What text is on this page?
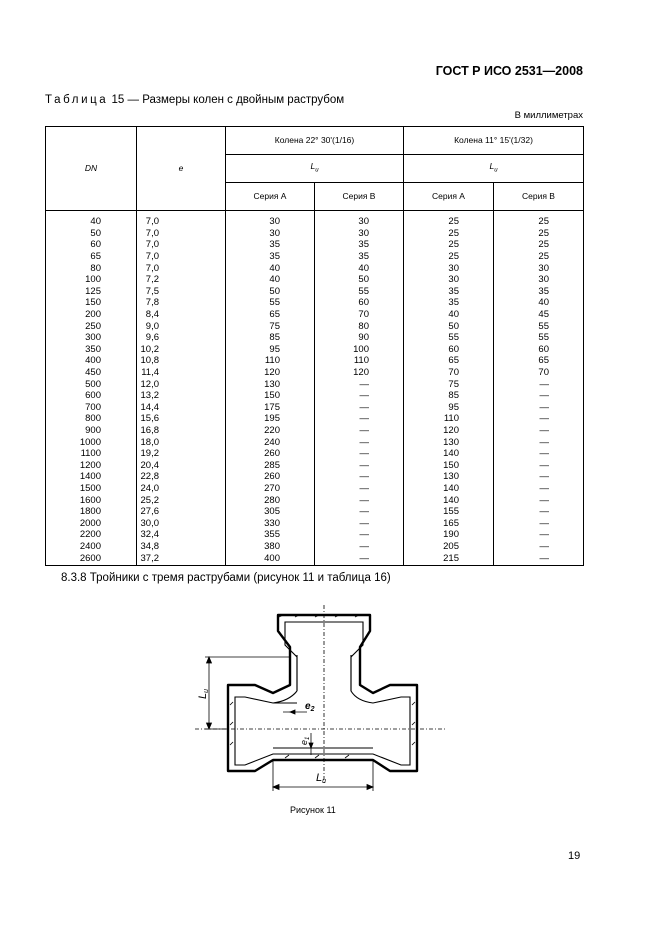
ГОСТ Р ИСО 2531—2008
Таблица 15 — Размеры колен с двойным раструбом
В миллиметрах
DN	e	Колена 22° 30'(1/16)		Колена 11° 15'(1/32)	
		$L_u$		$L_u$
		Серия А	Серия В	Серия А	Серия В
40	7,0	30	30	25	25
50	7,0	30	30	25	25
60	7,0	35	35	25	25
65	7,0	35	35	25	25
80	7,0	40	40	30	30
100	7,2	40	50	30	30
125	7,5	50	55	35	35
150	7,8	55	60	35	40
200	8,4	65	70	40	45
250	9,0	75	80	50	55
300	9,6	85	90	55	55
350	10,2	95	100	60	60
400	10,8	110	110	65	65
450	11,4	120	120	70	70
500	12,0	130	—	75	—
600	13,2	150	—	85	—
700	14,4	175	—	95	—
800	15,6	195	—	110	—
900	16,8	220	—	120	—
1000	18,0	240	—	130	—
1100	19,2	260	—	140	—
1200	20,4	285	—	150	—
1400	22,8	260	—	130	—
1500	24,0	270	—	140	—
1600	25,2	280	—	140	—
1800	27,6	305	—	155	—
2000	30,0	330	—	165	—
2200	32,4	355	—	190	—
2400	34,8	380	—	205	—
2600	37,2	400	—	215	—
8.3.8 Тройники с тремя раструбами (рисунок 11 и таблица 16)
Lu
Lu
$e_2$
$e_1$
Рисунок 11
19
